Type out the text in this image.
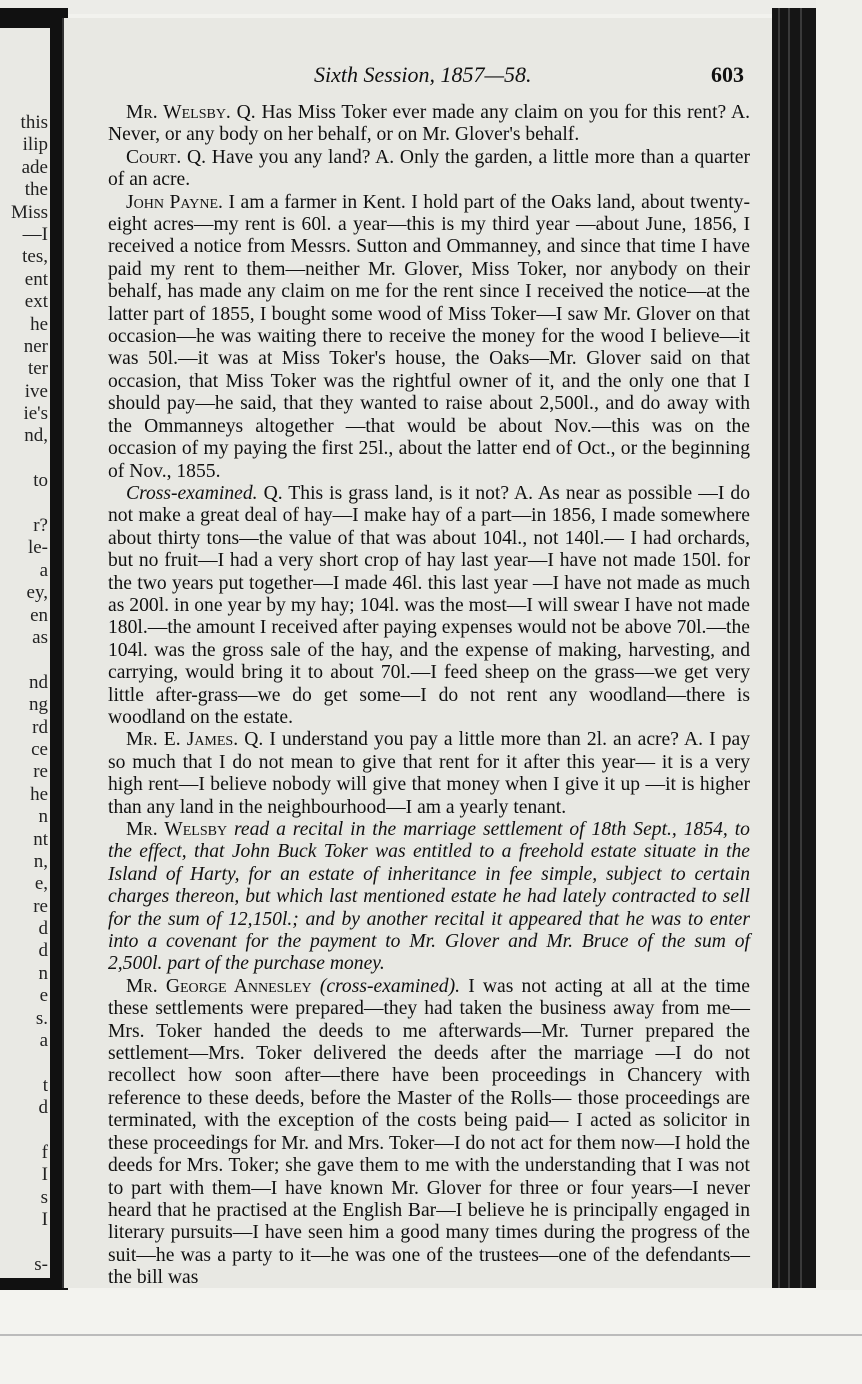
this
ilip
ade
the
Miss
—I
tes,
ent
ext
he
ner
ter
ive
ie's
nd,
to
r?
le-
a
ey,
en
as
nd
ng
rd
ce
re
he
n
nt
n,
e,
re
d
d
n
e
s.
a
t
d
f
I
s
I
s-
Sixth Session, 1857—58.	603

Mr. Welsby. Q. Has Miss Toker ever made any claim on you for this rent? A. Never, or any body on her behalf, or on Mr. Glover's behalf.

Court. Q. Have you any land? A. Only the garden, a little more than a quarter of an acre.

John Payne. I am a farmer in Kent. I hold part of the Oaks land, about twenty-eight acres—my rent is 60l. a year—this is my third year —about June, 1856, I received a notice from Messrs. Sutton and Ommanney, and since that time I have paid my rent to them—neither Mr. Glover, Miss Toker, nor anybody on their behalf, has made any claim on me for the rent since I received the notice—at the latter part of 1855, I bought some wood of Miss Toker—I saw Mr. Glover on that occasion—he was waiting there to receive the money for the wood I believe—it was 50l.—it was at Miss Toker's house, the Oaks—Mr. Glover said on that occasion, that Miss Toker was the rightful owner of it, and the only one that I should pay—he said, that they wanted to raise about 2,500l., and do away with the Ommanneys altogether —that would be about Nov.—this was on the occasion of my paying the first 25l., about the latter end of Oct., or the beginning of Nov., 1855.

Cross-examined. Q. This is grass land, is it not? A. As near as possible —I do not make a great deal of hay—I make hay of a part—in 1856, I made somewhere about thirty tons—the value of that was about 104l., not 140l.— I had orchards, but no fruit—I had a very short crop of hay last year—I have not made 150l. for the two years put together—I made 46l. this last year —I have not made as much as 200l. in one year by my hay; 104l. was the most—I will swear I have not made 180l.—the amount I received after paying expenses would not be above 70l.—the 104l. was the gross sale of the hay, and the expense of making, harvesting, and carrying, would bring it to about 70l.—I feed sheep on the grass—we get very little after-grass—we do get some—I do not rent any woodland—there is woodland on the estate.

Mr. E. James. Q. I understand you pay a little more than 2l. an acre? A. I pay so much that I do not mean to give that rent for it after this year— it is a very high rent—I believe nobody will give that money when I give it up —it is higher than any land in the neighbourhood—I am a yearly tenant.

Mr. Welsby read a recital in the marriage settlement of 18th Sept., 1854, to the effect, that John Buck Toker was entitled to a freehold estate situate in the Island of Harty, for an estate of inheritance in fee simple, subject to certain charges thereon, but which last mentioned estate he had lately contracted to sell for the sum of 12,150l.; and by another recital it appeared that he was to enter into a covenant for the payment to Mr. Glover and Mr. Bruce of the sum of 2,500l. part of the purchase money.

Mr. George Annesley (cross-examined). I was not acting at all at the time these settlements were prepared—they had taken the business away from me—Mrs. Toker handed the deeds to me afterwards—Mr. Turner prepared the settlement—Mrs. Toker delivered the deeds after the marriage —I do not recollect how soon after—there have been proceedings in Chancery with reference to these deeds, before the Master of the Rolls— those proceedings are terminated, with the exception of the costs being paid— I acted as solicitor in these proceedings for Mr. and Mrs. Toker—I do not act for them now—I hold the deeds for Mrs. Toker; she gave them to me with the understanding that I was not to part with them—I have known Mr. Glover for three or four years—I never heard that he practised at the English Bar—I believe he is principally engaged in literary pursuits—I have seen him a good many times during the progress of the suit—he was a party to it—he was one of the trustees—one of the defendants—the bill was
